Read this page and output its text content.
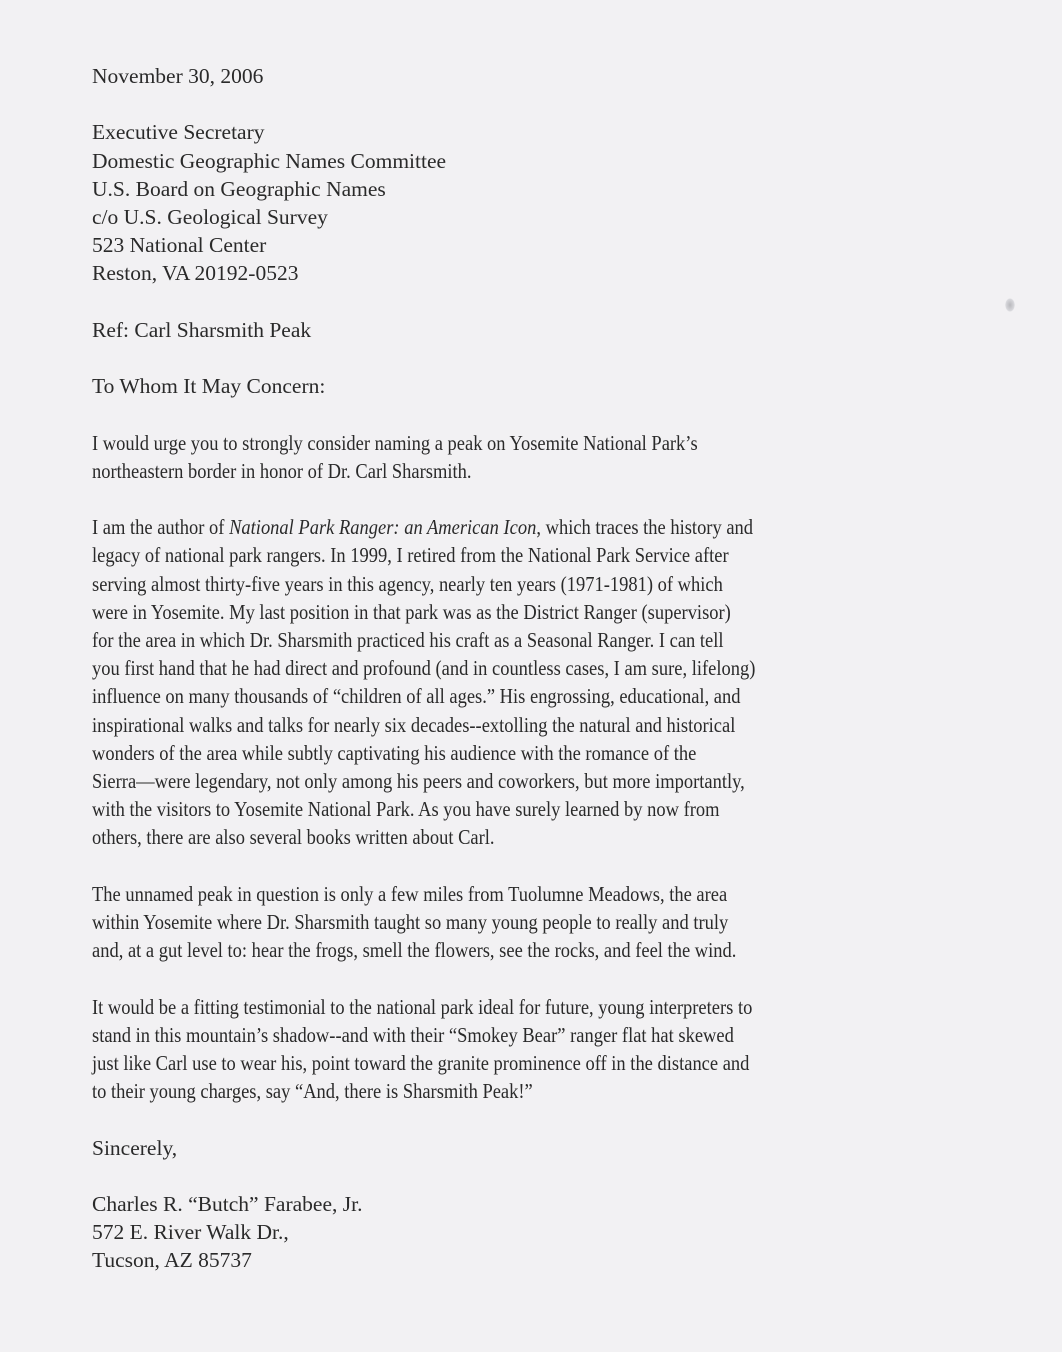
November 30, 2006
Executive Secretary
Domestic Geographic Names Committee
U.S. Board on Geographic Names
c/o U.S. Geological Survey
523 National Center
Reston, VA 20192-0523
Ref: Carl Sharsmith Peak
To Whom It May Concern:
I would urge you to strongly consider naming a peak on Yosemite National Park’s
northeastern border in honor of Dr. Carl Sharsmith.
I am the author of National Park Ranger: an American Icon, which traces the history and
legacy of national park rangers. In 1999, I retired from the National Park Service after
serving almost thirty-five years in this agency, nearly ten years (1971-1981) of which
were in Yosemite. My last position in that park was as the District Ranger (supervisor)
for the area in which Dr. Sharsmith practiced his craft as a Seasonal Ranger. I can tell
you first hand that he had direct and profound (and in countless cases, I am sure, lifelong)
influence on many thousands of “children of all ages.” His engrossing, educational, and
inspirational walks and talks for nearly six decades--extolling the natural and historical
wonders of the area while subtly captivating his audience with the romance of the
Sierra—were legendary, not only among his peers and coworkers, but more importantly,
with the visitors to Yosemite National Park. As you have surely learned by now from
others, there are also several books written about Carl.
The unnamed peak in question is only a few miles from Tuolumne Meadows, the area
within Yosemite where Dr. Sharsmith taught so many young people to really and truly
and, at a gut level to: hear the frogs, smell the flowers, see the rocks, and feel the wind.
It would be a fitting testimonial to the national park ideal for future, young interpreters to
stand in this mountain’s shadow--and with their “Smokey Bear” ranger flat hat skewed
just like Carl use to wear his, point toward the granite prominence off in the distance and
to their young charges, say “And, there is Sharsmith Peak!”
Sincerely,
Charles R. “Butch” Farabee, Jr.
572 E. River Walk Dr.,
Tucson, AZ 85737
